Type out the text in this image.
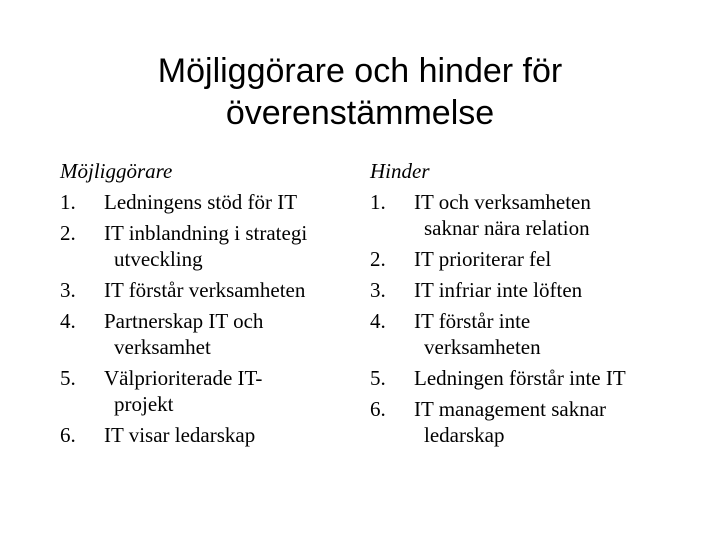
Möjliggörare och hinder för
överenstämmelse
Möjliggörare
1.	Ledningens stöd för IT
2.	IT inblandning i strategi
utveckling
3.	IT förstår verksamheten
4.	Partnerskap IT och
verksamhet
5.	Välprioriterade IT-
projekt
6.	IT visar ledarskap
Hinder
1.	IT och verksamheten
saknar nära relation
2.	IT prioriterar fel
3.	IT infriar inte löften
4.	IT förstår inte
verksamheten
5.	Ledningen förstår inte IT
6.	IT management saknar
ledarskap
